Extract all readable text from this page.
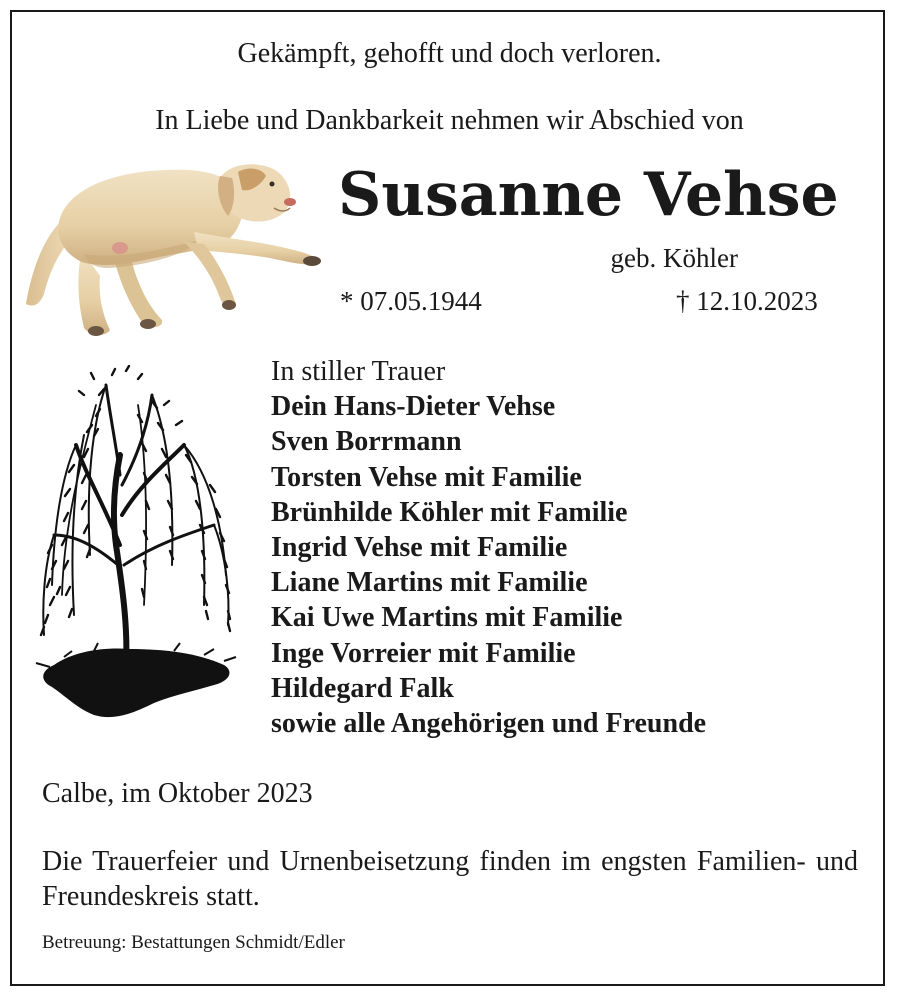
Gekämpft, gehofft und doch verloren.

In Liebe und Dankbarkeit nehmen wir Abschied von

Susanne Vehse

geb. Köhler

* 07.05.1944	† 12.10.2023

In stiller Trauer
Dein Hans-Dieter Vehse
Sven Borrmann
Torsten Vehse mit Familie
Brünhilde Köhler mit Familie
Ingrid Vehse mit Familie
Liane Martins mit Familie
Kai Uwe Martins mit Familie
Inge Vorreier mit Familie
Hildegard Falk
sowie alle Angehörigen und Freunde

Calbe, im Oktober 2023

Die Trauerfeier und Urnenbeisetzung finden im engsten Familien- und Freundeskreis statt.

Betreuung: Bestattungen Schmidt/Edler
